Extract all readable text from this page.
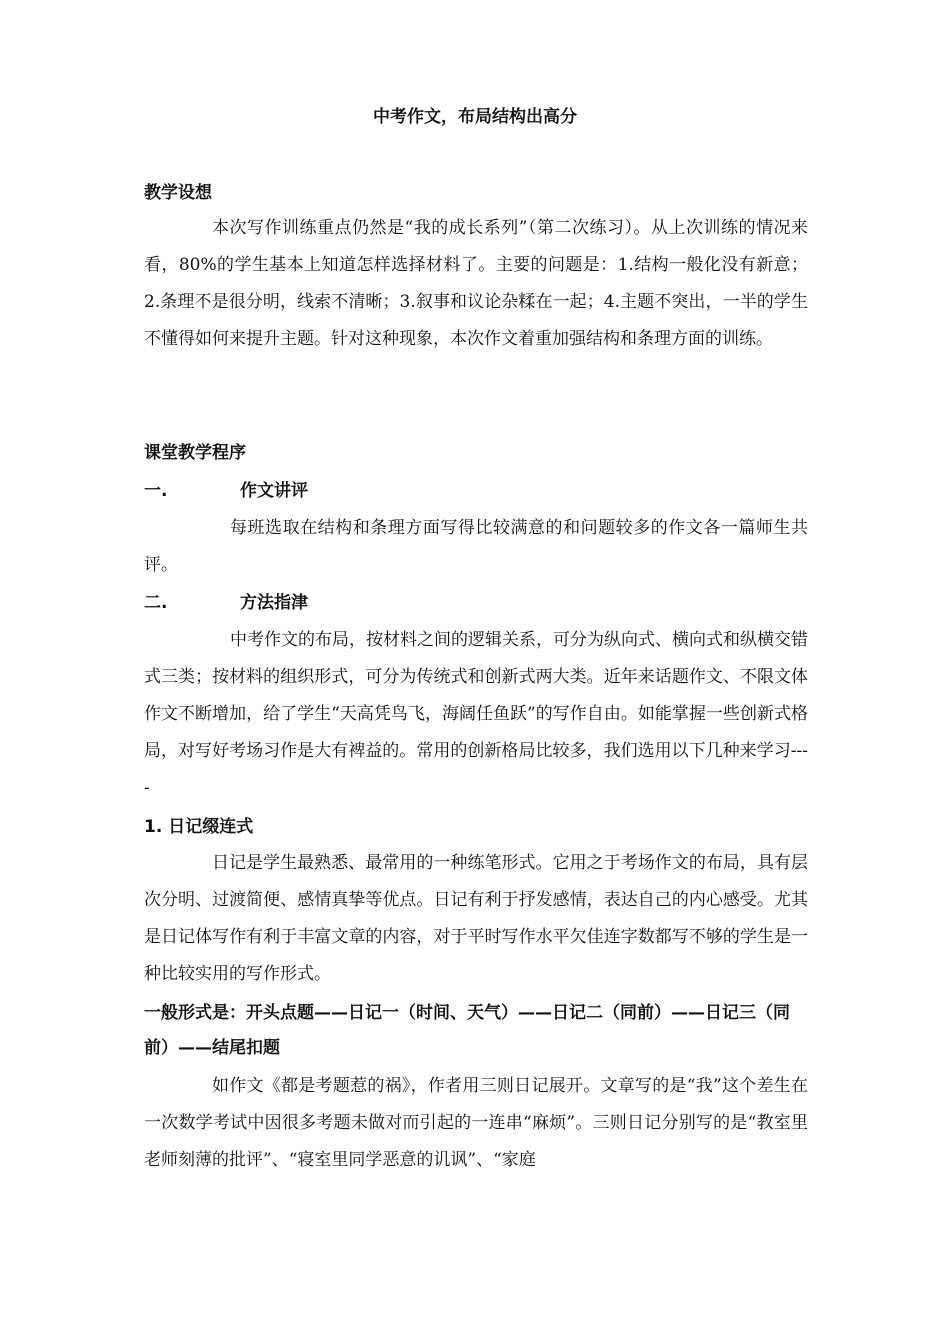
中考作文，布局结构出高分
教学设想
本次写作训练重点仍然是“我的成长系列”（第二次练习）。从上次训练的情况来看，80%的学生基本上知道怎样选择材料了。主要的问题是：1.结构一般化没有新意；2.条理不是很分明，线索不清晰；3.叙事和议论杂糅在一起；4.主题不突出，一半的学生不懂得如何来提升主题。针对这种现象，本次作文着重加强结构和条理方面的训练。
课堂教学程序
一.	作文讲评
每班选取在结构和条理方面写得比较满意的和问题较多的作文各一篇师生共评。
二.	方法指津
中考作文的布局，按材料之间的逻辑关系，可分为纵向式、横向式和纵横交错式三类；按材料的组织形式，可分为传统式和创新式两大类。近年来话题作文、不限文体作文不断增加，给了学生“天高凭鸟飞，海阔任鱼跃”的写作自由。如能掌握一些创新式格局，对写好考场习作是大有裨益的。常用的创新格局比较多，我们选用以下几种来学习----
1. 日记缀连式
日记是学生最熟悉、最常用的一种练笔形式。它用之于考场作文的布局，具有层次分明、过渡简便、感情真挚等优点。日记有利于抒发感情，表达自己的内心感受。尤其是日记体写作有利于丰富文章的内容，对于平时写作水平欠佳连字数都写不够的学生是一种比较实用的写作形式。
一般形式是：开头点题——日记一（时间、天气）——日记二（同前）——日记三（同前）——结尾扣题
如作文《都是考题惹的祸》，作者用三则日记展开。文章写的是“我”这个差生在一次数学考试中因很多考题未做对而引起的一连串“麻烦”。三则日记分别写的是“教室里老师刻薄的批评”、“寝室里同学恶意的讥讽”、“家庭
